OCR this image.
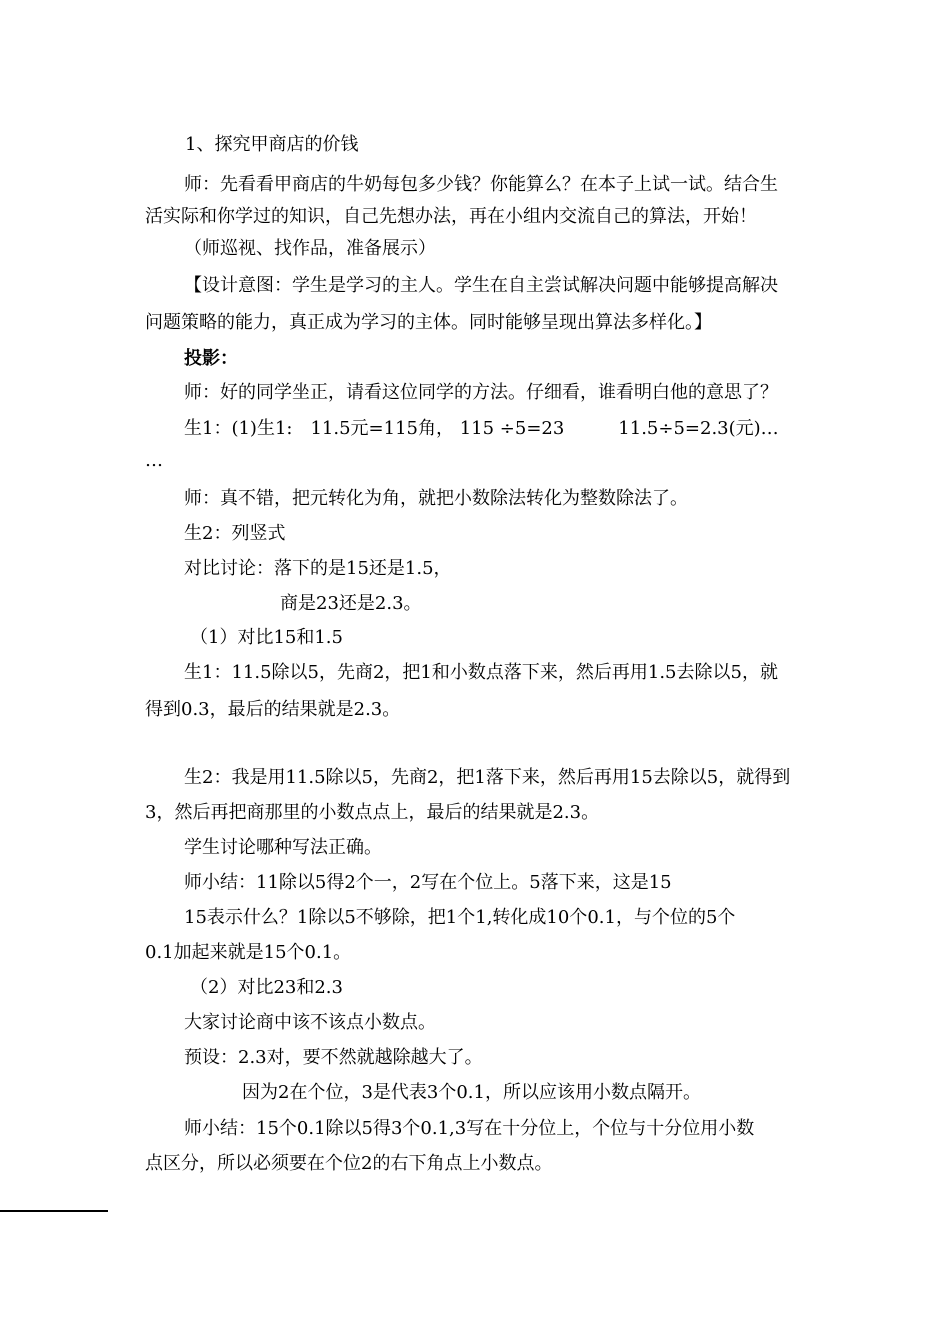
1、探究甲商店的价钱
师：先看看甲商店的牛奶每包多少钱？你能算么？在本子上试一试。结合生
活实际和你学过的知识，自己先想办法，再在小组内交流自己的算法，开始！
（师巡视、找作品，准备展示）
【设计意图：学生是学习的主人。学生在自主尝试解决问题中能够提高解决
问题策略的能力，真正成为学习的主体。同时能够呈现出算法多样化。】
投影：
师：好的同学坐正，请看这位同学的方法。仔细看，谁看明白他的意思了？
生1：(1)生1:　11.5元=115角， 115 ÷5=23　　　11.5÷5=2.3(元)…
…
师：真不错，把元转化为角，就把小数除法转化为整数除法了。
生2：列竖式
对比讨论：落下的是15还是1.5，
商是23还是2.3。
（1）对比15和1.5
生1：11.5除以5，先商2，把1和小数点落下来，然后再用1.5去除以5，就
得到0.3，最后的结果就是2.3。
生2：我是用11.5除以5，先商2，把1落下来，然后再用15去除以5，就得到
3，然后再把商那里的小数点点上，最后的结果就是2.3。
学生讨论哪种写法正确。
师小结：11除以5得2个一，2写在个位上。5落下来，这是15
15表示什么？1除以5不够除，把1个1,转化成10个0.1，与个位的5个
0.1加起来就是15个0.1。
（2）对比23和2.3
大家讨论商中该不该点小数点。
预设：2.3对，要不然就越除越大了。
因为2在个位，3是代表3个0.1，所以应该用小数点隔开。
师小结：15个0.1除以5得3个0.1,3写在十分位上，个位与十分位用小数
点区分，所以必须要在个位2的右下角点上小数点。
